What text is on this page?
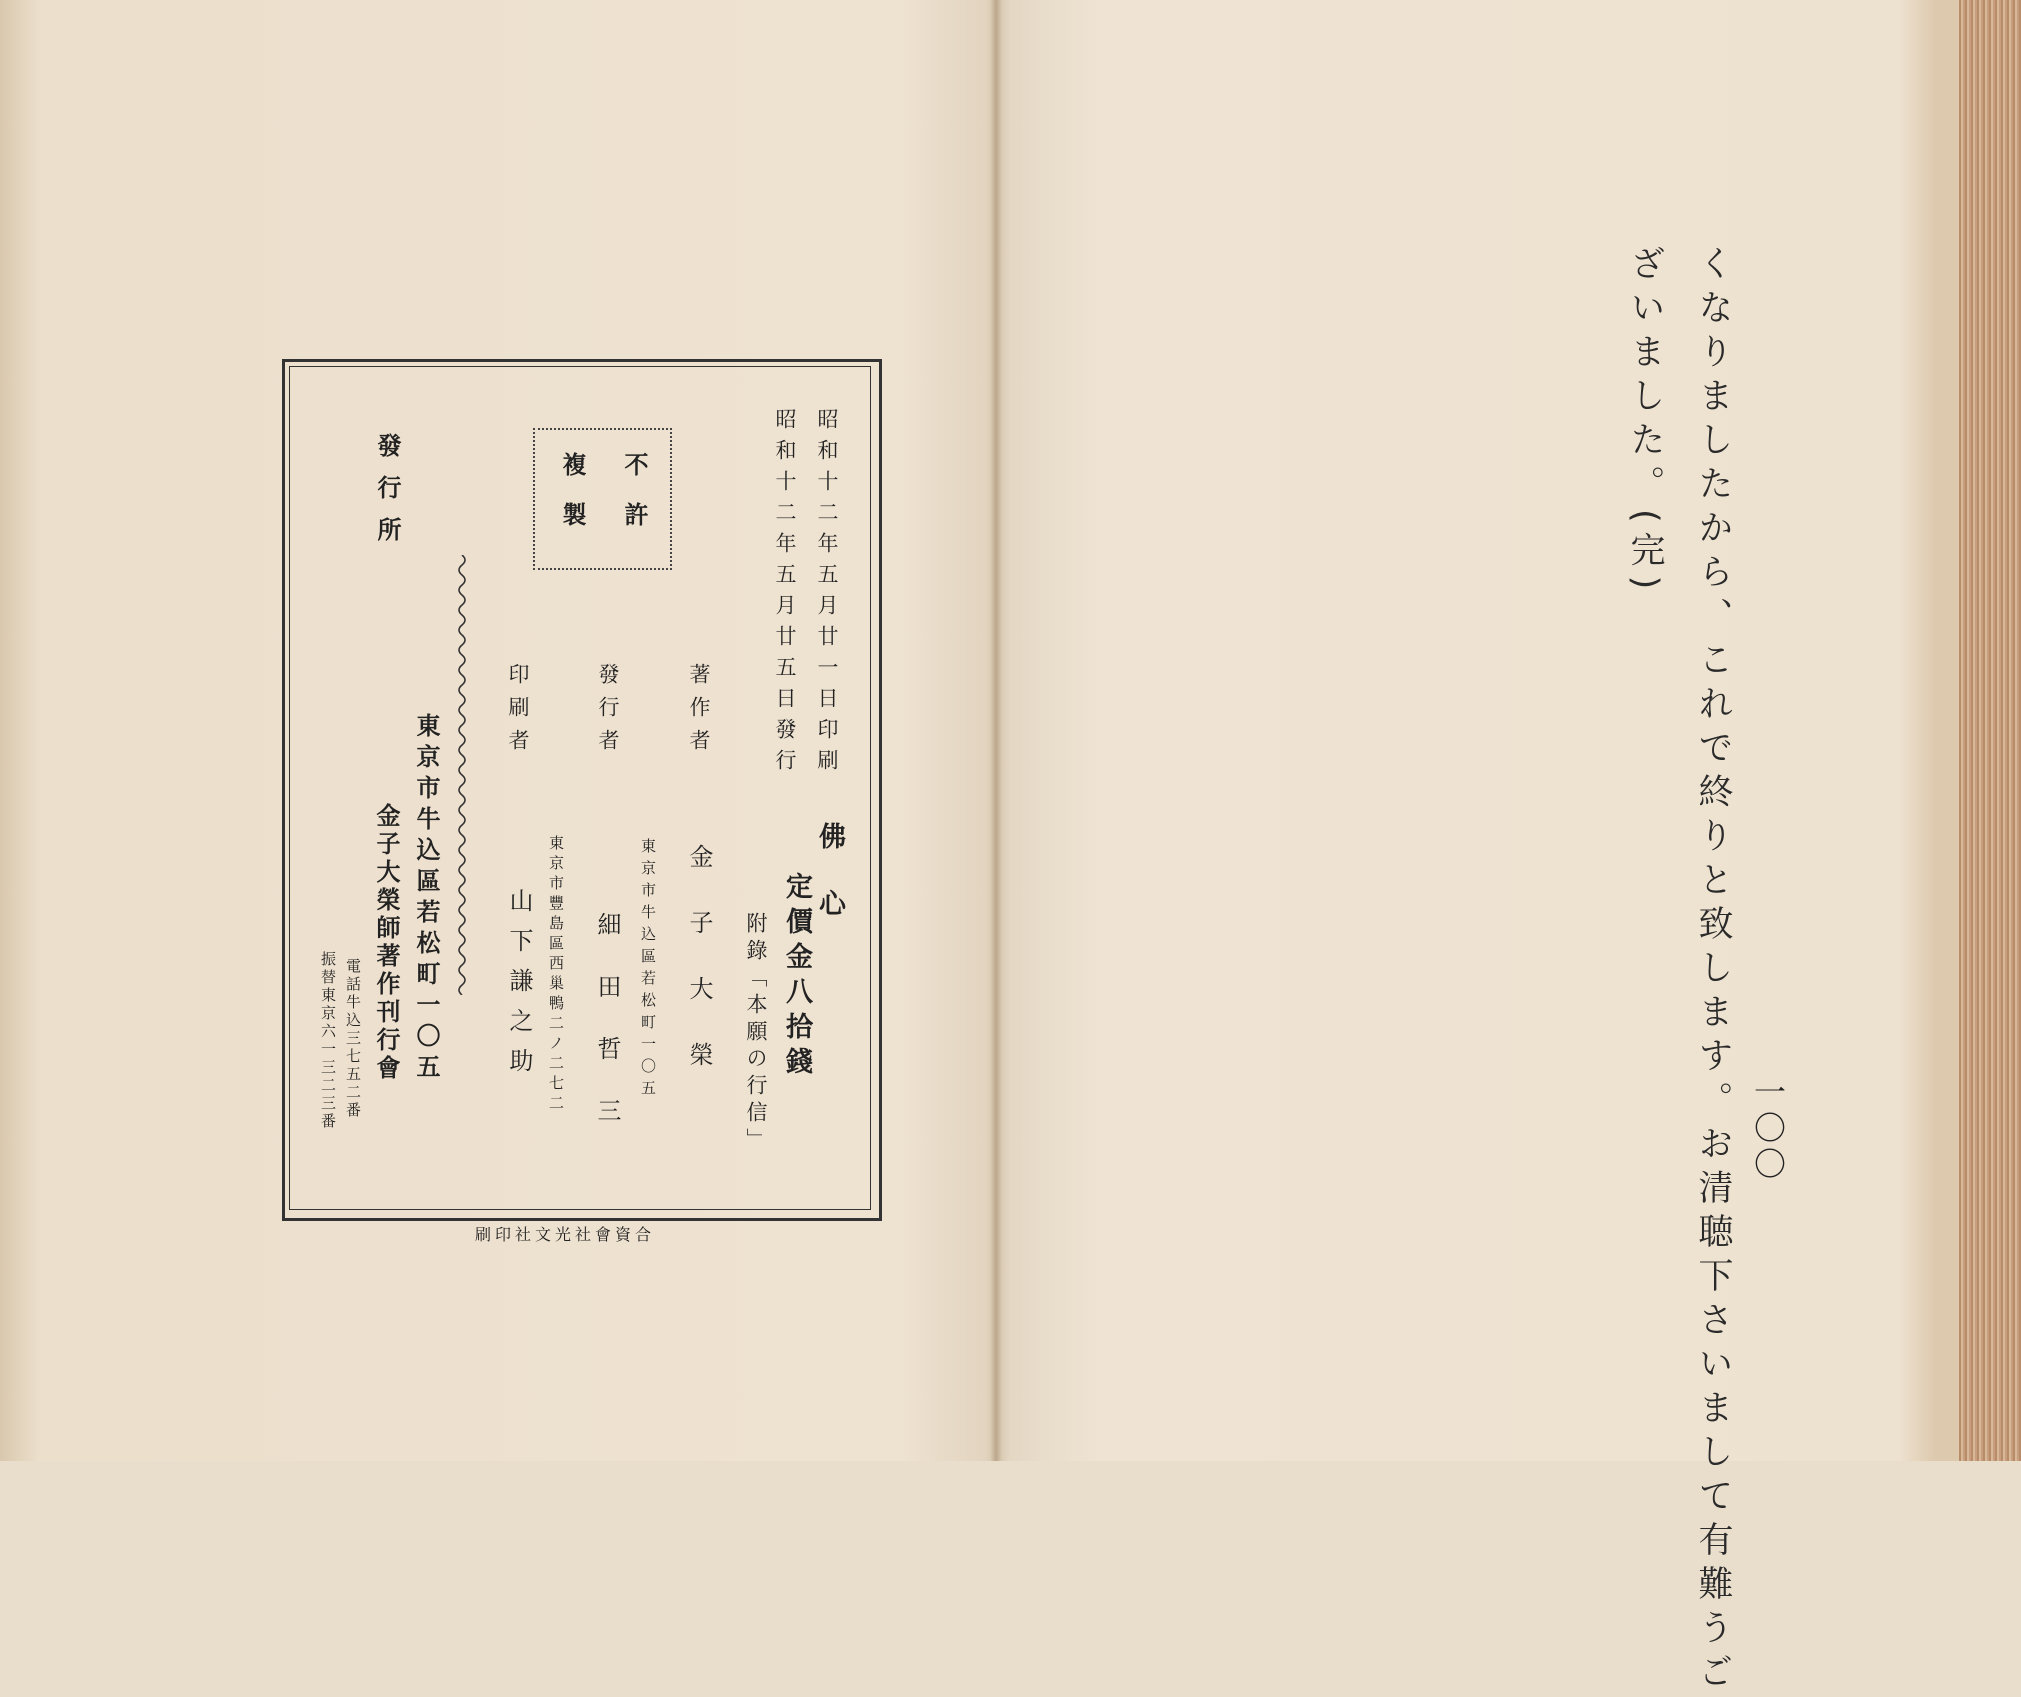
一〇〇
くなりましたから、これで終りと致します。お清聴下さいまして有難うご
ざいました。(完)
昭和十二年五月廿一日印刷
昭和十二年五月廿五日發行
不許
複製
佛心
定價金八拾錢
附錄「本願の行信」
著作者
金子大榮
東京市牛込區若松町一〇五
發行者
細田哲三
東京市豐島區西巢鴨二ノ二七二
印刷者
山下謙之助
發行所
東京市牛込區若松町一〇五
金子大榮師著作刊行會
電話牛込三七五二番
振替東京六一三二三番
合資會社光文社印刷
